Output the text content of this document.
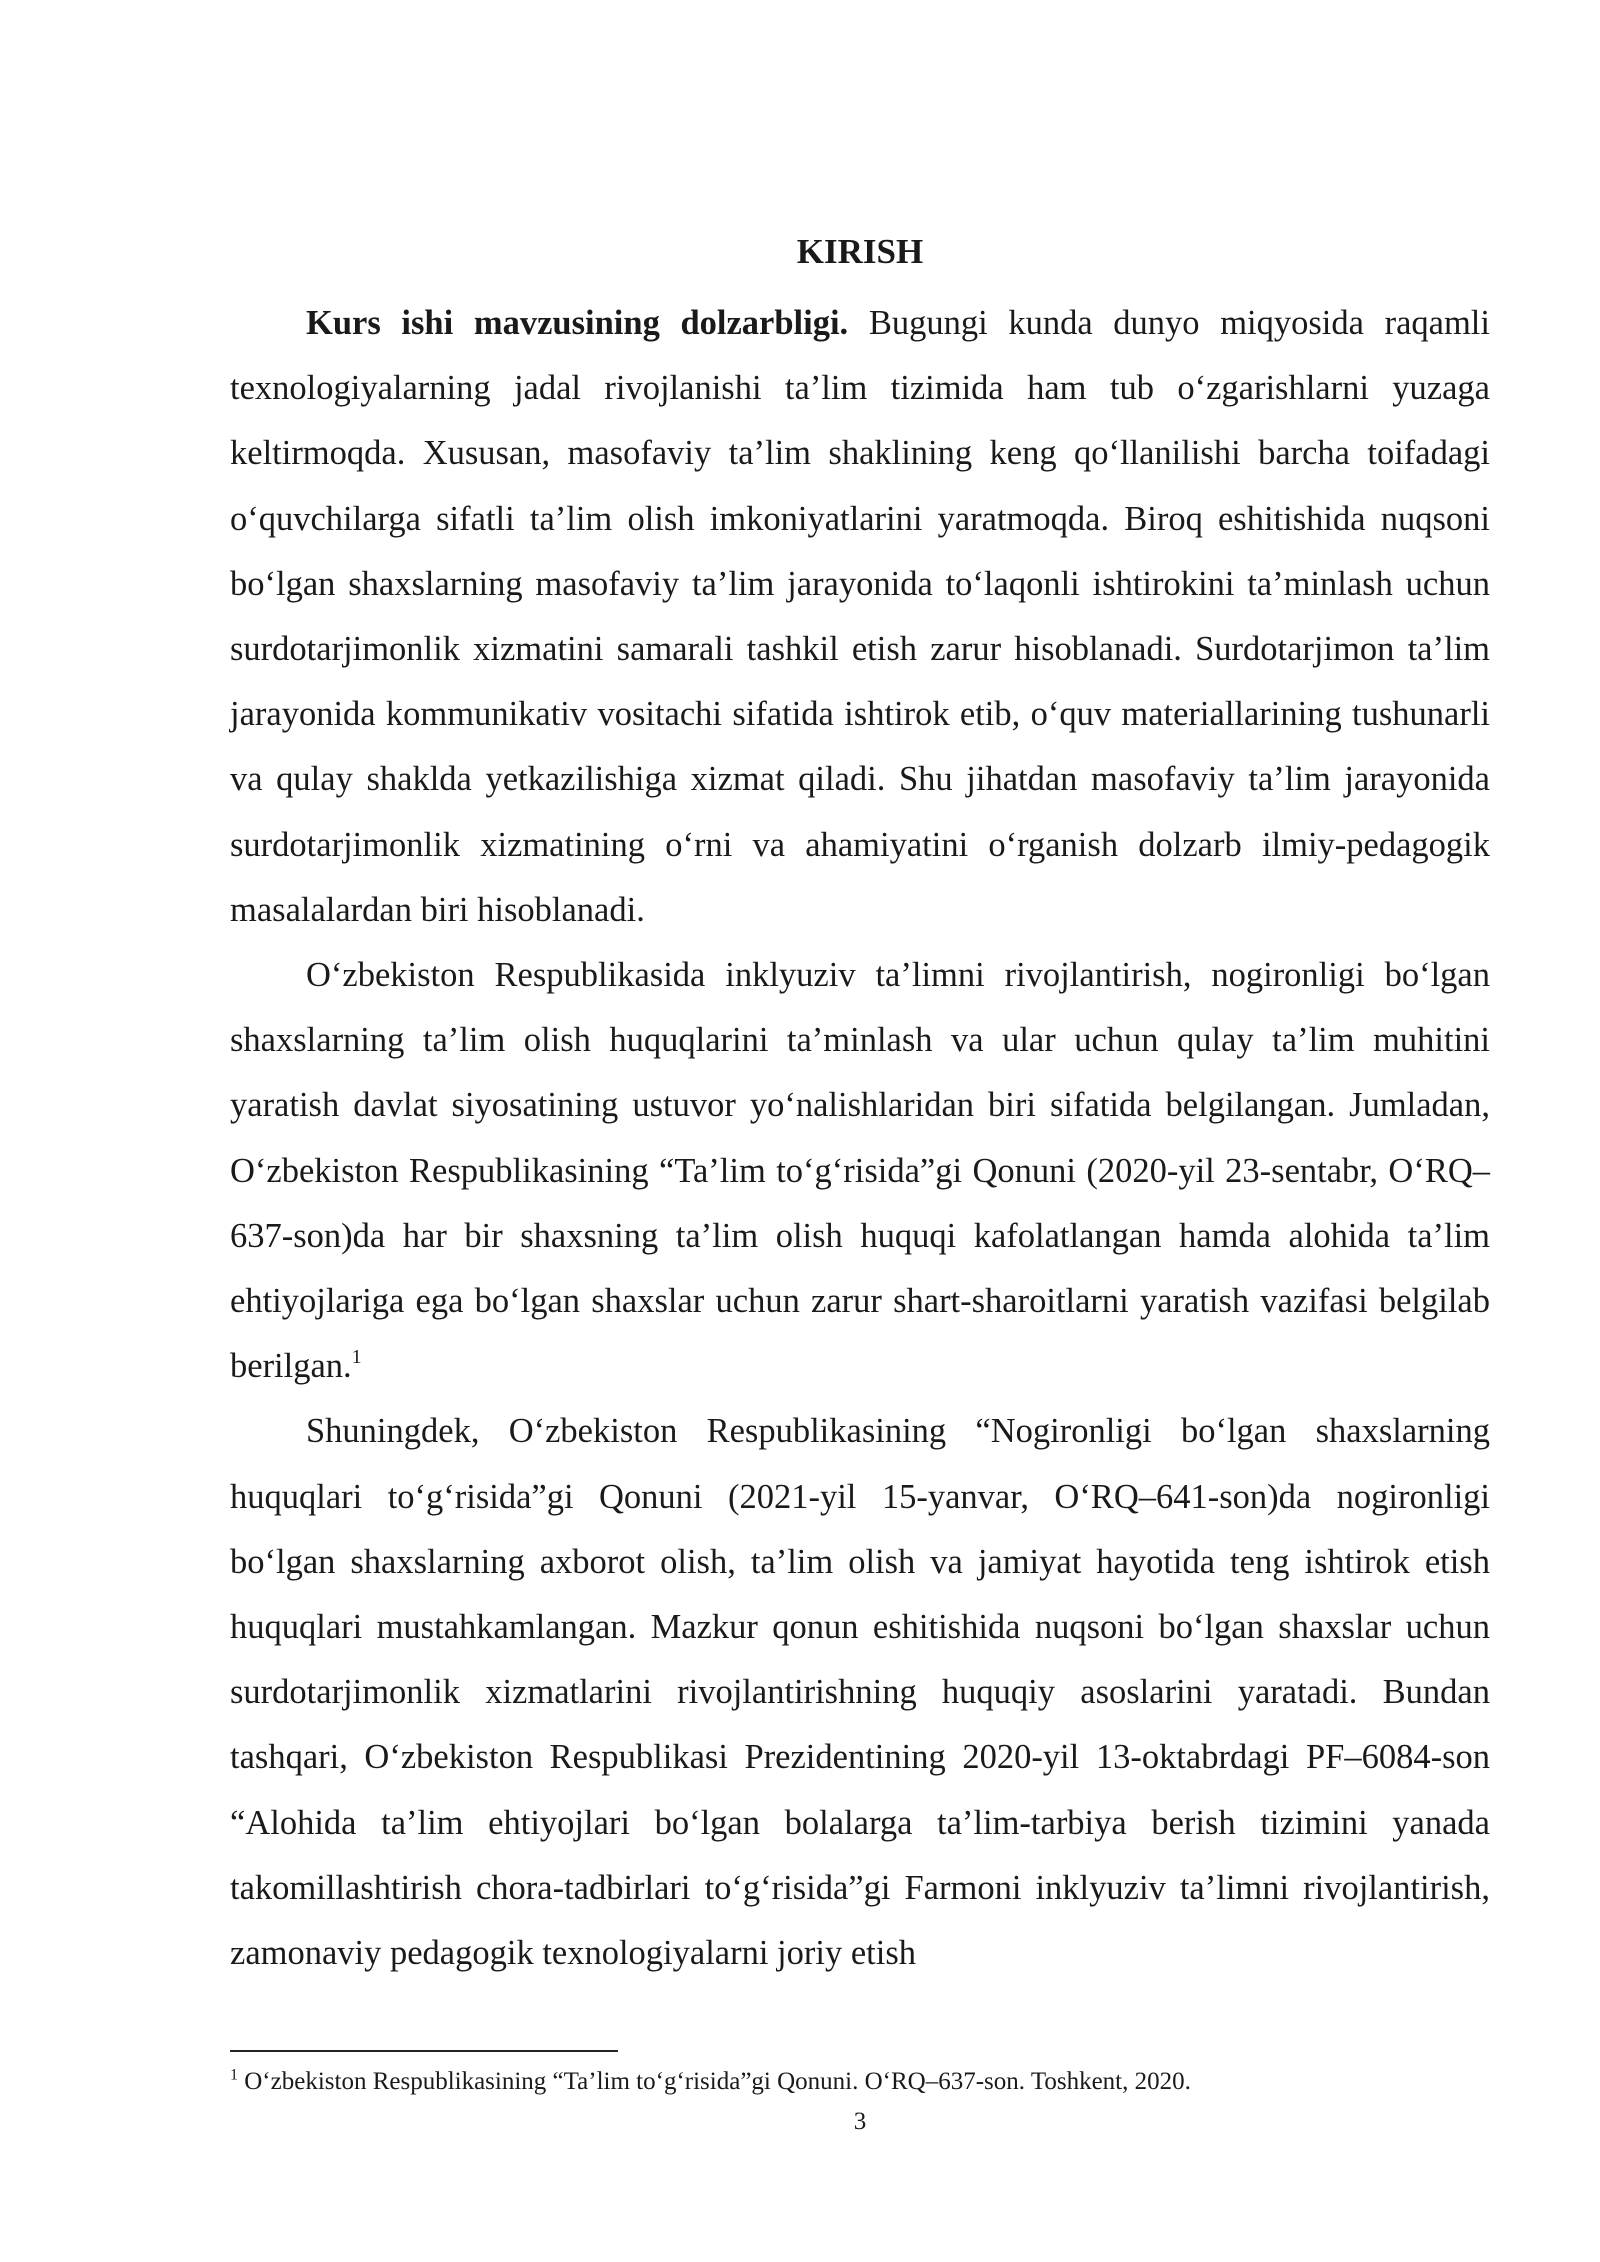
KIRISH

Kurs ishi mavzusining dolzarbligi. Bugungi kunda dunyo miqyosida raqamli texnologiyalarning jadal rivojlanishi ta’lim tizimida ham tub o‘zgarishlarni yuzaga keltirmoqda. Xususan, masofaviy ta’lim shaklining keng qo‘llanilishi barcha toifadagi o‘quvchilarga sifatli ta’lim olish imkoniyatlarini yaratmoqda. Biroq eshitishida nuqsoni bo‘lgan shaxslarning masofaviy ta’lim jarayonida to‘laqonli ishtirokini ta’minlash uchun surdotarjimonlik xizmatini samarali tashkil etish zarur hisoblanadi. Surdotarjimon ta’lim jarayonida kommunikativ vositachi sifatida ishtirok etib, o‘quv materiallarining tushunarli va qulay shaklda yetkazilishiga xizmat qiladi. Shu jihatdan masofaviy ta’lim jarayonida surdotarjimonlik xizmatining o‘rni va ahamiyatini o‘rganish dolzarb ilmiy-pedagogik masalalardan biri hisoblanadi.

O‘zbekiston Respublikasida inklyuziv ta’limni rivojlantirish, nogironligi bo‘lgan shaxslarning ta’lim olish huquqlarini ta’minlash va ular uchun qulay ta’lim muhitini yaratish davlat siyosatining ustuvor yo‘nalishlaridan biri sifatida belgilangan. Jumladan, O‘zbekiston Respublikasining “Ta’lim to‘g‘risida”gi Qonuni (2020-yil 23-sentabr, O‘RQ–637-son)da har bir shaxsning ta’lim olish huquqi kafolatlangan hamda alohida ta’lim ehtiyojlariga ega bo‘lgan shaxslar uchun zarur shart-sharoitlarni yaratish vazifasi belgilab berilgan.$^1$

Shuningdek, O‘zbekiston Respublikasining “Nogironligi bo‘lgan shaxslarning huquqlari to‘g‘risida”gi Qonuni (2021-yil 15-yanvar, O‘RQ–641-son)da nogironligi bo‘lgan shaxslarning axborot olish, ta’lim olish va jamiyat hayotida teng ishtirok etish huquqlari mustahkamlangan. Mazkur qonun eshitishida nuqsoni bo‘lgan shaxslar uchun surdotarjimonlik xizmatlarini rivojlantirishning huquqiy asoslarini yaratadi. Bundan tashqari, O‘zbekiston Respublikasi Prezidentining 2020-yil 13-oktabrdagi PF–6084-son “Alohida ta’lim ehtiyojlari bo‘lgan bolalarga ta’lim-tarbiya berish tizimini yanada takomillashtirish chora-tadbirlari to‘g‘risida”gi Farmoni inklyuziv ta’limni rivojlantirish, zamonaviy pedagogik texnologiyalarni joriy etish

$^1$ O‘zbekiston Respublikasining “Ta’lim to‘g‘risida”gi Qonuni. O‘RQ–637-son. Toshkent, 2020.

3
